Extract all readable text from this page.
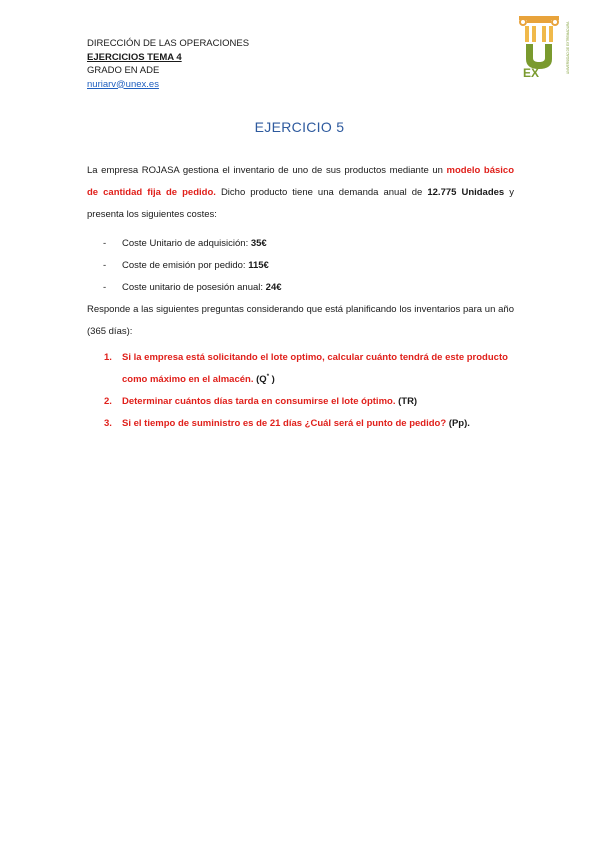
DIRECCIÓN DE LAS OPERACIONES
EJERCICIOS TEMA 4
GRADO EN ADE
nuriarv@unex.es
EX	UNIVERSIDAD DE EXTREMADURA
EJERCICIO 5

La empresa ROJASA gestiona el inventario de uno de sus productos mediante un modelo básico de cantidad fija de pedido. Dicho producto tiene una demanda anual de 12.775 Unidades y presenta los siguientes costes:

- Coste Unitario de adquisición: 35€
- Coste de emisión por pedido: 115€
- Coste unitario de posesión anual: 24€

Responde a las siguientes preguntas considerando que está planificando los inventarios para un año (365 días):

1. Si la empresa está solicitando el lote optimo, calcular cuánto tendrá de este producto como máximo en el almacén. (Q* )
2. Determinar cuántos días tarda en consumirse el lote óptimo. (TR)
3. Si el tiempo de suministro es de 21 días ¿Cuál será el punto de pedido? (Pp).
